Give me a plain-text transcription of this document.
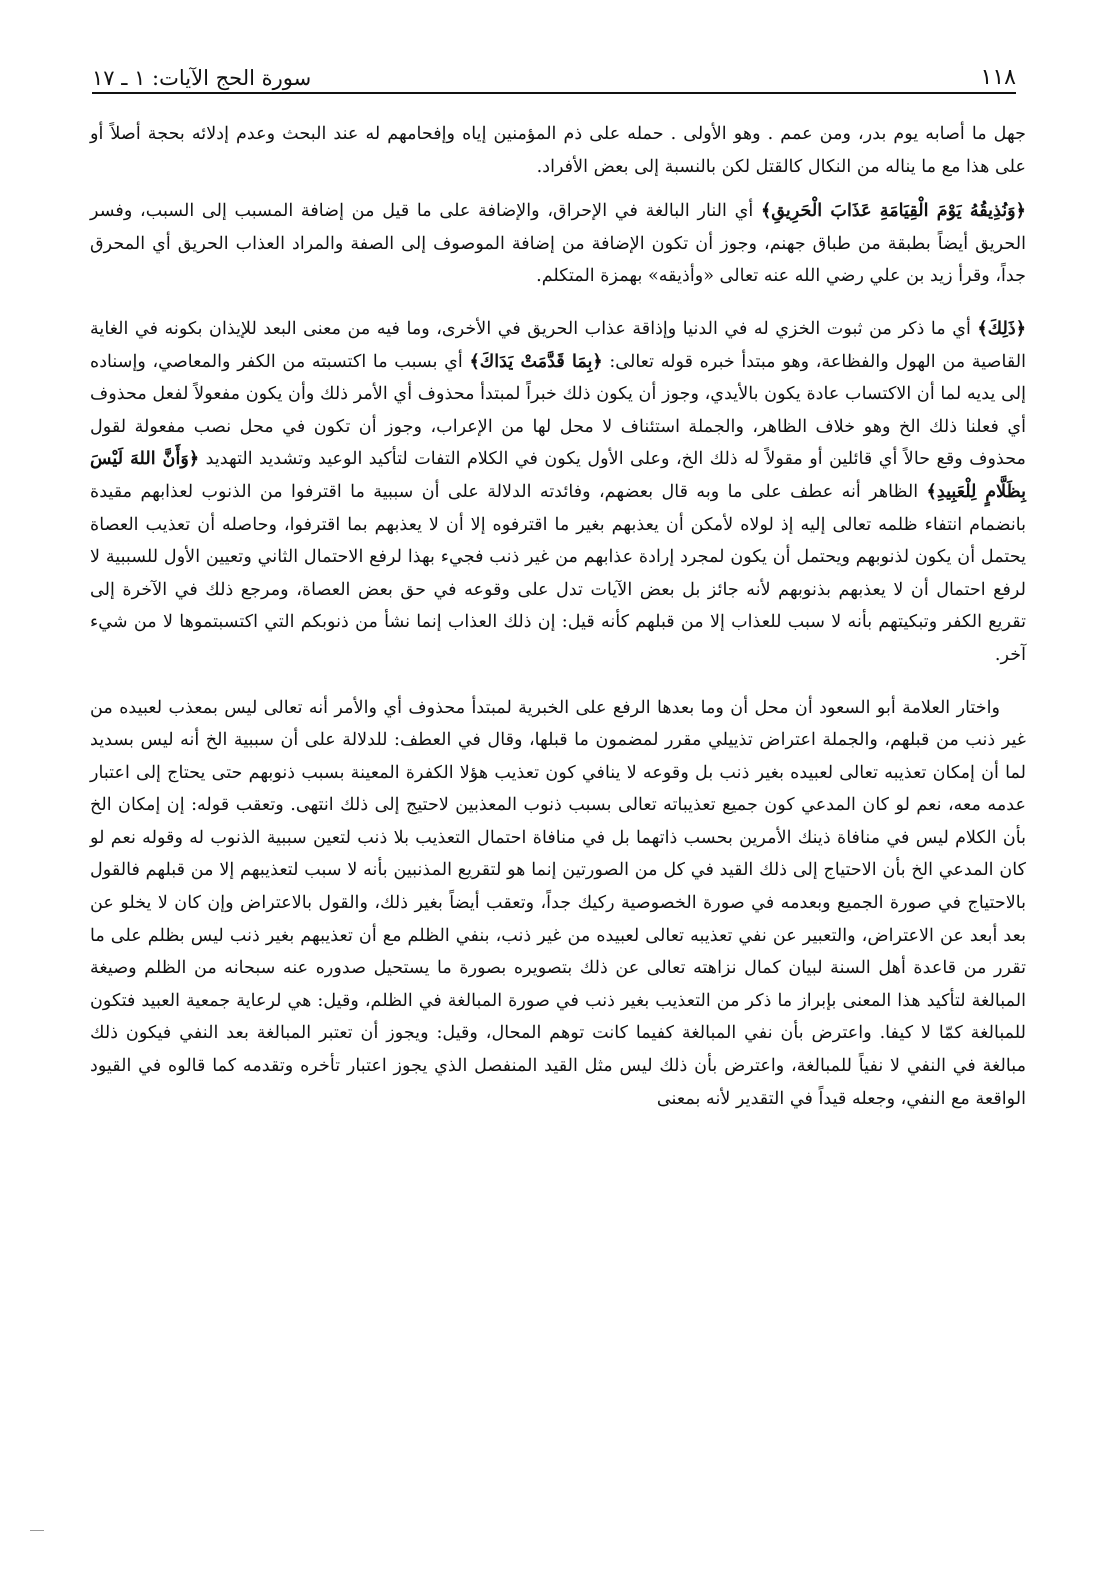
١١٨
سورة الحج الآيات: ١ ـ ١٧

جهل ما أصابه يوم بدر، ومن عمم . وهو الأولى . حمله على ذم المؤمنين إياه وإفحامهم له عند البحث وعدم إدلائه بحجة أصلاً أو على هذا مع ما يناله من النكال كالقتل لكن بالنسبة إلى بعض الأفراد.

﴿وَنُذِيقُهُ يَوْمَ الْقِيَامَةِ عَذَابَ الْحَرِيقِ﴾ أي النار البالغة في الإحراق، والإضافة على ما قيل من إضافة المسبب إلى السبب، وفسر الحريق أيضاً بطبقة من طباق جهنم، وجوز أن تكون الإضافة من إضافة الموصوف إلى الصفة والمراد العذاب الحريق أي المحرق جداً، وقرأ زيد بن علي رضي الله عنه تعالى «وأذيقه» بهمزة المتكلم.

﴿ذَلِكَ﴾ أي ما ذكر من ثبوت الخزي له في الدنيا وإذاقة عذاب الحريق في الأخرى، وما فيه من معنى البعد للإيذان بكونه في الغاية القاصية من الهول والفظاعة، وهو مبتدأ خبره قوله تعالى: ﴿بِمَا قَدَّمَتْ يَدَاكَ﴾ أي بسبب ما اكتسبته من الكفر والمعاصي، وإسناده إلى يديه لما أن الاكتساب عادة يكون بالأيدي، وجوز أن يكون ذلك خبراً لمبتدأ محذوف أي الأمر ذلك وأن يكون مفعولاً لفعل محذوف أي فعلنا ذلك الخ وهو خلاف الظاهر، والجملة استئناف لا محل لها من الإعراب، وجوز أن تكون في محل نصب مفعولة لقول محذوف وقع حالاً أي قائلين أو مقولاً له ذلك الخ، وعلى الأول يكون في الكلام التفات لتأكيد الوعيد وتشديد التهديد ﴿وَأَنَّ اللهَ لَيْسَ بِظَلَّامٍ لِلْعَبِيدِ﴾ الظاهر أنه عطف على ما وبه قال بعضهم، وفائدته الدلالة على أن سببية ما اقترفوا من الذنوب لعذابهم مقيدة بانضمام انتفاء ظلمه تعالى إليه إذ لولاه لأمكن أن يعذبهم بغير ما اقترفوه إلا أن لا يعذبهم بما اقترفوا، وحاصله أن تعذيب العصاة يحتمل أن يكون لذنوبهم ويحتمل أن يكون لمجرد إرادة عذابهم من غير ذنب فجيء بهذا لرفع الاحتمال الثاني وتعيين الأول للسببية لا لرفع احتمال أن لا يعذبهم بذنوبهم لأنه جائز بل بعض الآيات تدل على وقوعه في حق بعض العصاة، ومرجع ذلك في الآخرة إلى تقريع الكفر وتبكيتهم بأنه لا سبب للعذاب إلا من قبلهم كأنه قيل: إن ذلك العذاب إنما نشأ من ذنوبكم التي اكتسبتموها لا من شيء آخر.

واختار العلامة أبو السعود أن محل أن وما بعدها الرفع على الخبرية لمبتدأ محذوف أي والأمر أنه تعالى ليس بمعذب لعبيده من غير ذنب من قبلهم، والجملة اعتراض تذييلي مقرر لمضمون ما قبلها، وقال في العطف: للدلالة على أن سببية الخ أنه ليس بسديد لما أن إمكان تعذيبه تعالى لعبيده بغير ذنب بل وقوعه لا ينافي كون تعذيب هؤلا الكفرة المعينة بسبب ذنوبهم حتى يحتاج إلى اعتبار عدمه معه، نعم لو كان المدعي كون جميع تعذيباته تعالى بسبب ذنوب المعذبين لاحتيج إلى ذلك انتهى. وتعقب قوله: إن إمكان الخ بأن الكلام ليس في منافاة ذينك الأمرين بحسب ذاتهما بل في منافاة احتمال التعذيب بلا ذنب لتعين سببية الذنوب له وقوله نعم لو كان المدعي الخ بأن الاحتياج إلى ذلك القيد في كل من الصورتين إنما هو لتقريع المذنبين بأنه لا سبب لتعذيبهم إلا من قبلهم فالقول بالاحتياج في صورة الجميع وبعدمه في صورة الخصوصية ركيك جداً، وتعقب أيضاً بغير ذلك، والقول بالاعتراض وإن كان لا يخلو عن بعد أبعد عن الاعتراض، والتعبير عن نفي تعذيبه تعالى لعبيده من غير ذنب، بنفي الظلم مع أن تعذيبهم بغير ذنب ليس بظلم على ما تقرر من قاعدة أهل السنة لبيان كمال نزاهته تعالى عن ذلك بتصويره بصورة ما يستحيل صدوره عنه سبحانه من الظلم وصيغة المبالغة لتأكيد هذا المعنى بإبراز ما ذكر من التعذيب بغير ذنب في صورة المبالغة في الظلم، وقيل: هي لرعاية جمعية العبيد فتكون للمبالغة كمّا لا كيفا. واعترض بأن نفي المبالغة كفيما كانت توهم المحال، وقيل: ويجوز أن تعتبر المبالغة بعد النفي فيكون ذلك مبالغة في النفي لا نفياً للمبالغة، واعترض بأن ذلك ليس مثل القيد المنفصل الذي يجوز اعتبار تأخره وتقدمه كما قالوه في القيود الواقعة مع النفي، وجعله قيداً في التقدير لأنه بمعنى
